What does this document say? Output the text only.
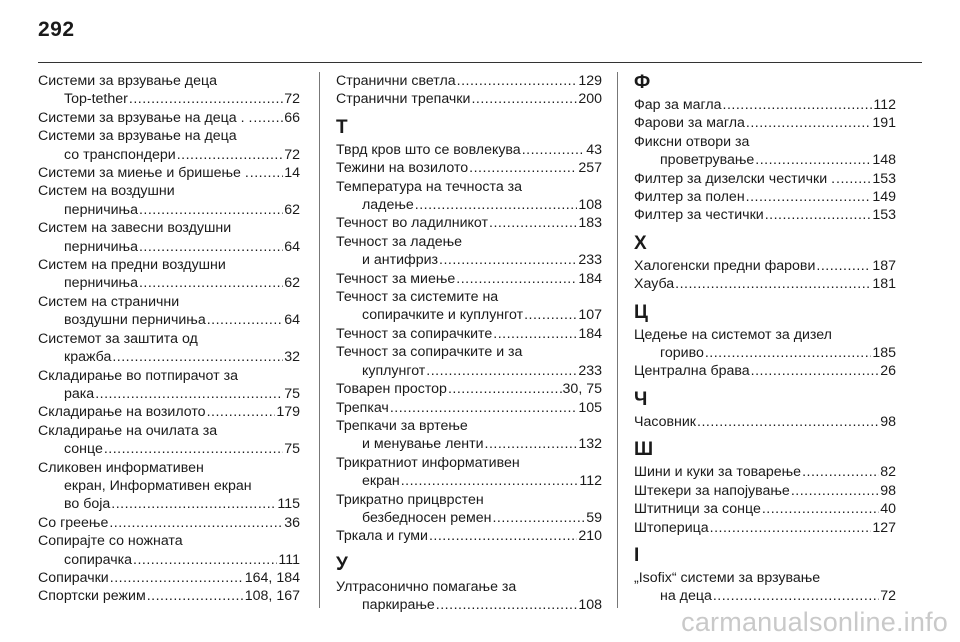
292
Системи за врзување деца
Top-tether .....	72
Системи за врзување на деца . . ..... 66
Системи за врзување на деца
со транспондери .....	72
Системи за миење и бришење . ..... 14
Систем на воздушни
перничиња .....	62
Систем на завесни воздушни
перничиња .....	64
Систем на предни воздушни
перничиња .....	62
Систем на странични
воздушни перничиња .....	64
Системот за заштита од
кражба .....	32
Складирање во потпирачот за
рака .....	75
Складирање на возилото .....	179
Складирање на очилата за
сонце .....	75
Сликовен информативен
екран, Информативен екран
во боја .....	115
Со греење .....	36
Сопирајте со ножната
сопирачка .....	111
Сопирачки .....	164, 184
Спортски режим .....	108, 167
Странични светла .....	129
Странични трепачки .....	200
Т
Тврд кров што се вовлекува .....	43
Тежини на возилото .....	257
Температура на течноста за
ладење .....	108
Течност во ладилникот .....	183
Течност за ладење
и антифриз .....	233
Течност за миење .....	184
Течност за системите на
сопирачките и куплунгот .....	107
Течност за сопирачките .....	184
Течност за сопирачките и за
куплунгот .....	233
Товарен простор .....	30, 75
Трепкач .....	105
Трепкачи за вртење
и менување ленти .....	132
Трикратниот информативен
екран .....	112
Трикратно прицврстен
безбедносен ремен .....	59
Тркала и гуми .....	210
У
Ултрасонично помагање за
паркирање .....	108
Ф
Фар за магла .....	112
Фарови за магла .....	191
Фиксни отвори за
проветрување .....	148
Филтер за дизелски честички . .....	153
Филтер за полен .....	149
Филтер за честички .....	153
Х
Халогенски предни фарови .....	187
Хауба .....	181
Ц
Цедење на системот за дизел
гориво .....	185
Централна брава .....	26
Ч
Часовник .....	98
Ш
Шини и куки за товарење .....	82
Штекери за напојување .....	98
Штитници за сонце .....	40
Штоперица .....	127
I
„Isofix“ системи за врзување
на деца .....	72
carmanualsonline.info
